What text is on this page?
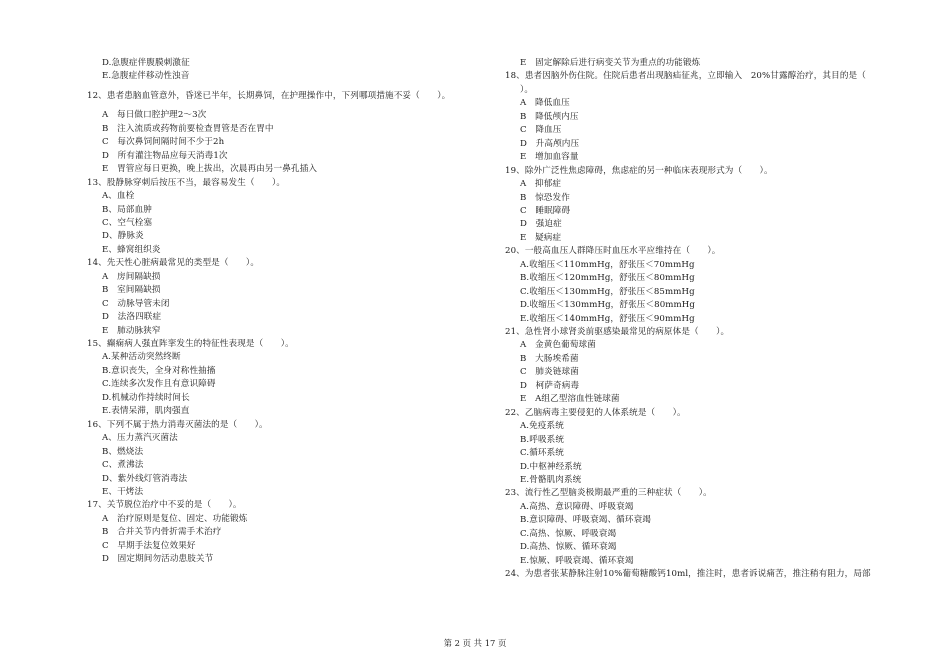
D.急腹症伴腹膜刺激征
E.急腹症伴移动性浊音
12、患者患脑血管意外，昏迷已半年，长期鼻饲，在护理操作中，下列哪项措施不妥（　　）。
A　每日做口腔护理2～3次
B　注入流质或药物前要检查胃管是否在胃中
C　每次鼻饲间隔时间不少于2h
D　所有灌注物品应每天消毒1次
E　胃管应每日更换，晚上拔出，次晨再由另一鼻孔插入
13、股静脉穿刺后按压不当，最容易发生（　　）。
A、血栓
B、局部血肿
C、空气栓塞
D、静脉炎
E、蜂窝组织炎
14、先天性心脏病最常见的类型是（　　）。
A　房间隔缺损
B　室间隔缺损
C　动脉导管未闭
D　法洛四联症
E　肺动脉狭窄
15、癫痫病人强直阵挛发生的特征性表现是（　　）。
A.某种活动突然终断
B.意识丧失，全身对称性抽搐
C.连续多次发作且有意识障碍
D.机械动作持续时间长
E.表情呆滞，肌肉强直
16、下列不属于热力消毒灭菌法的是（　　）。
A、压力蒸汽灭菌法
B、燃烧法
C、煮沸法
D、紫外线灯管消毒法
E、干烤法
17、关节脱位治疗中不妥的是（　　）。
A　治疗原则是复位、固定、功能锻炼
B　合并关节内骨折需手术治疗
C　早期手法复位效果好
D　固定期间勿活动患肢关节
E　固定解除后进行病变关节为重点的功能锻炼
18、患者因脑外伤住院。住院后患者出现脑疝征兆，立即输入　20%甘露醇治疗，其目的是（　　
）。
A　降低血压
B　降低颅内压
C　降血压
D　升高颅内压
E　增加血容量
19、除外广泛性焦虑障碍，焦虑症的另一种临床表现形式为（　　）。
A　抑郁症
B　惊恐发作
C　睡眠障碍
D　强迫症
E　疑病症
20、一般高血压人群降压时血压水平应维持在（　　）。
A.收缩压＜110mmHg，舒张压＜70mmHg
B.收缩压＜120mmHg，舒张压＜80mmHg
C.收缩压＜130mmHg，舒张压＜85mmHg
D.收缩压＜130mmHg，舒张压＜80mmHg
E.收缩压＜140mmHg，舒张压＜90mmHg
21、急性肾小球肾炎前驱感染最常见的病原体是（　　）。
A　金黄色葡萄球菌
B　大肠埃希菌
C　肺炎链球菌
D　柯萨奇病毒
E　A组乙型溶血性链球菌
22、乙脑病毒主要侵犯的人体系统是（　　）。
A.免疫系统
B.呼吸系统
C.循环系统
D.中枢神经系统
E.骨骼肌肉系统
23、流行性乙型脑炎极期最严重的三种症状（　　）。
A.高热、意识障碍、呼吸衰竭
B.意识障碍、呼吸衰竭、循环衰竭
C.高热、惊厥、呼吸衰竭
D.高热、惊厥、循环衰竭
E.惊厥、呼吸衰竭、循环衰竭
24、为患者张某静脉注射10%葡萄糖酸钙10ml，推注时，患者诉说痛苦，推注稍有阻力，局部
第 2 页 共 17 页
